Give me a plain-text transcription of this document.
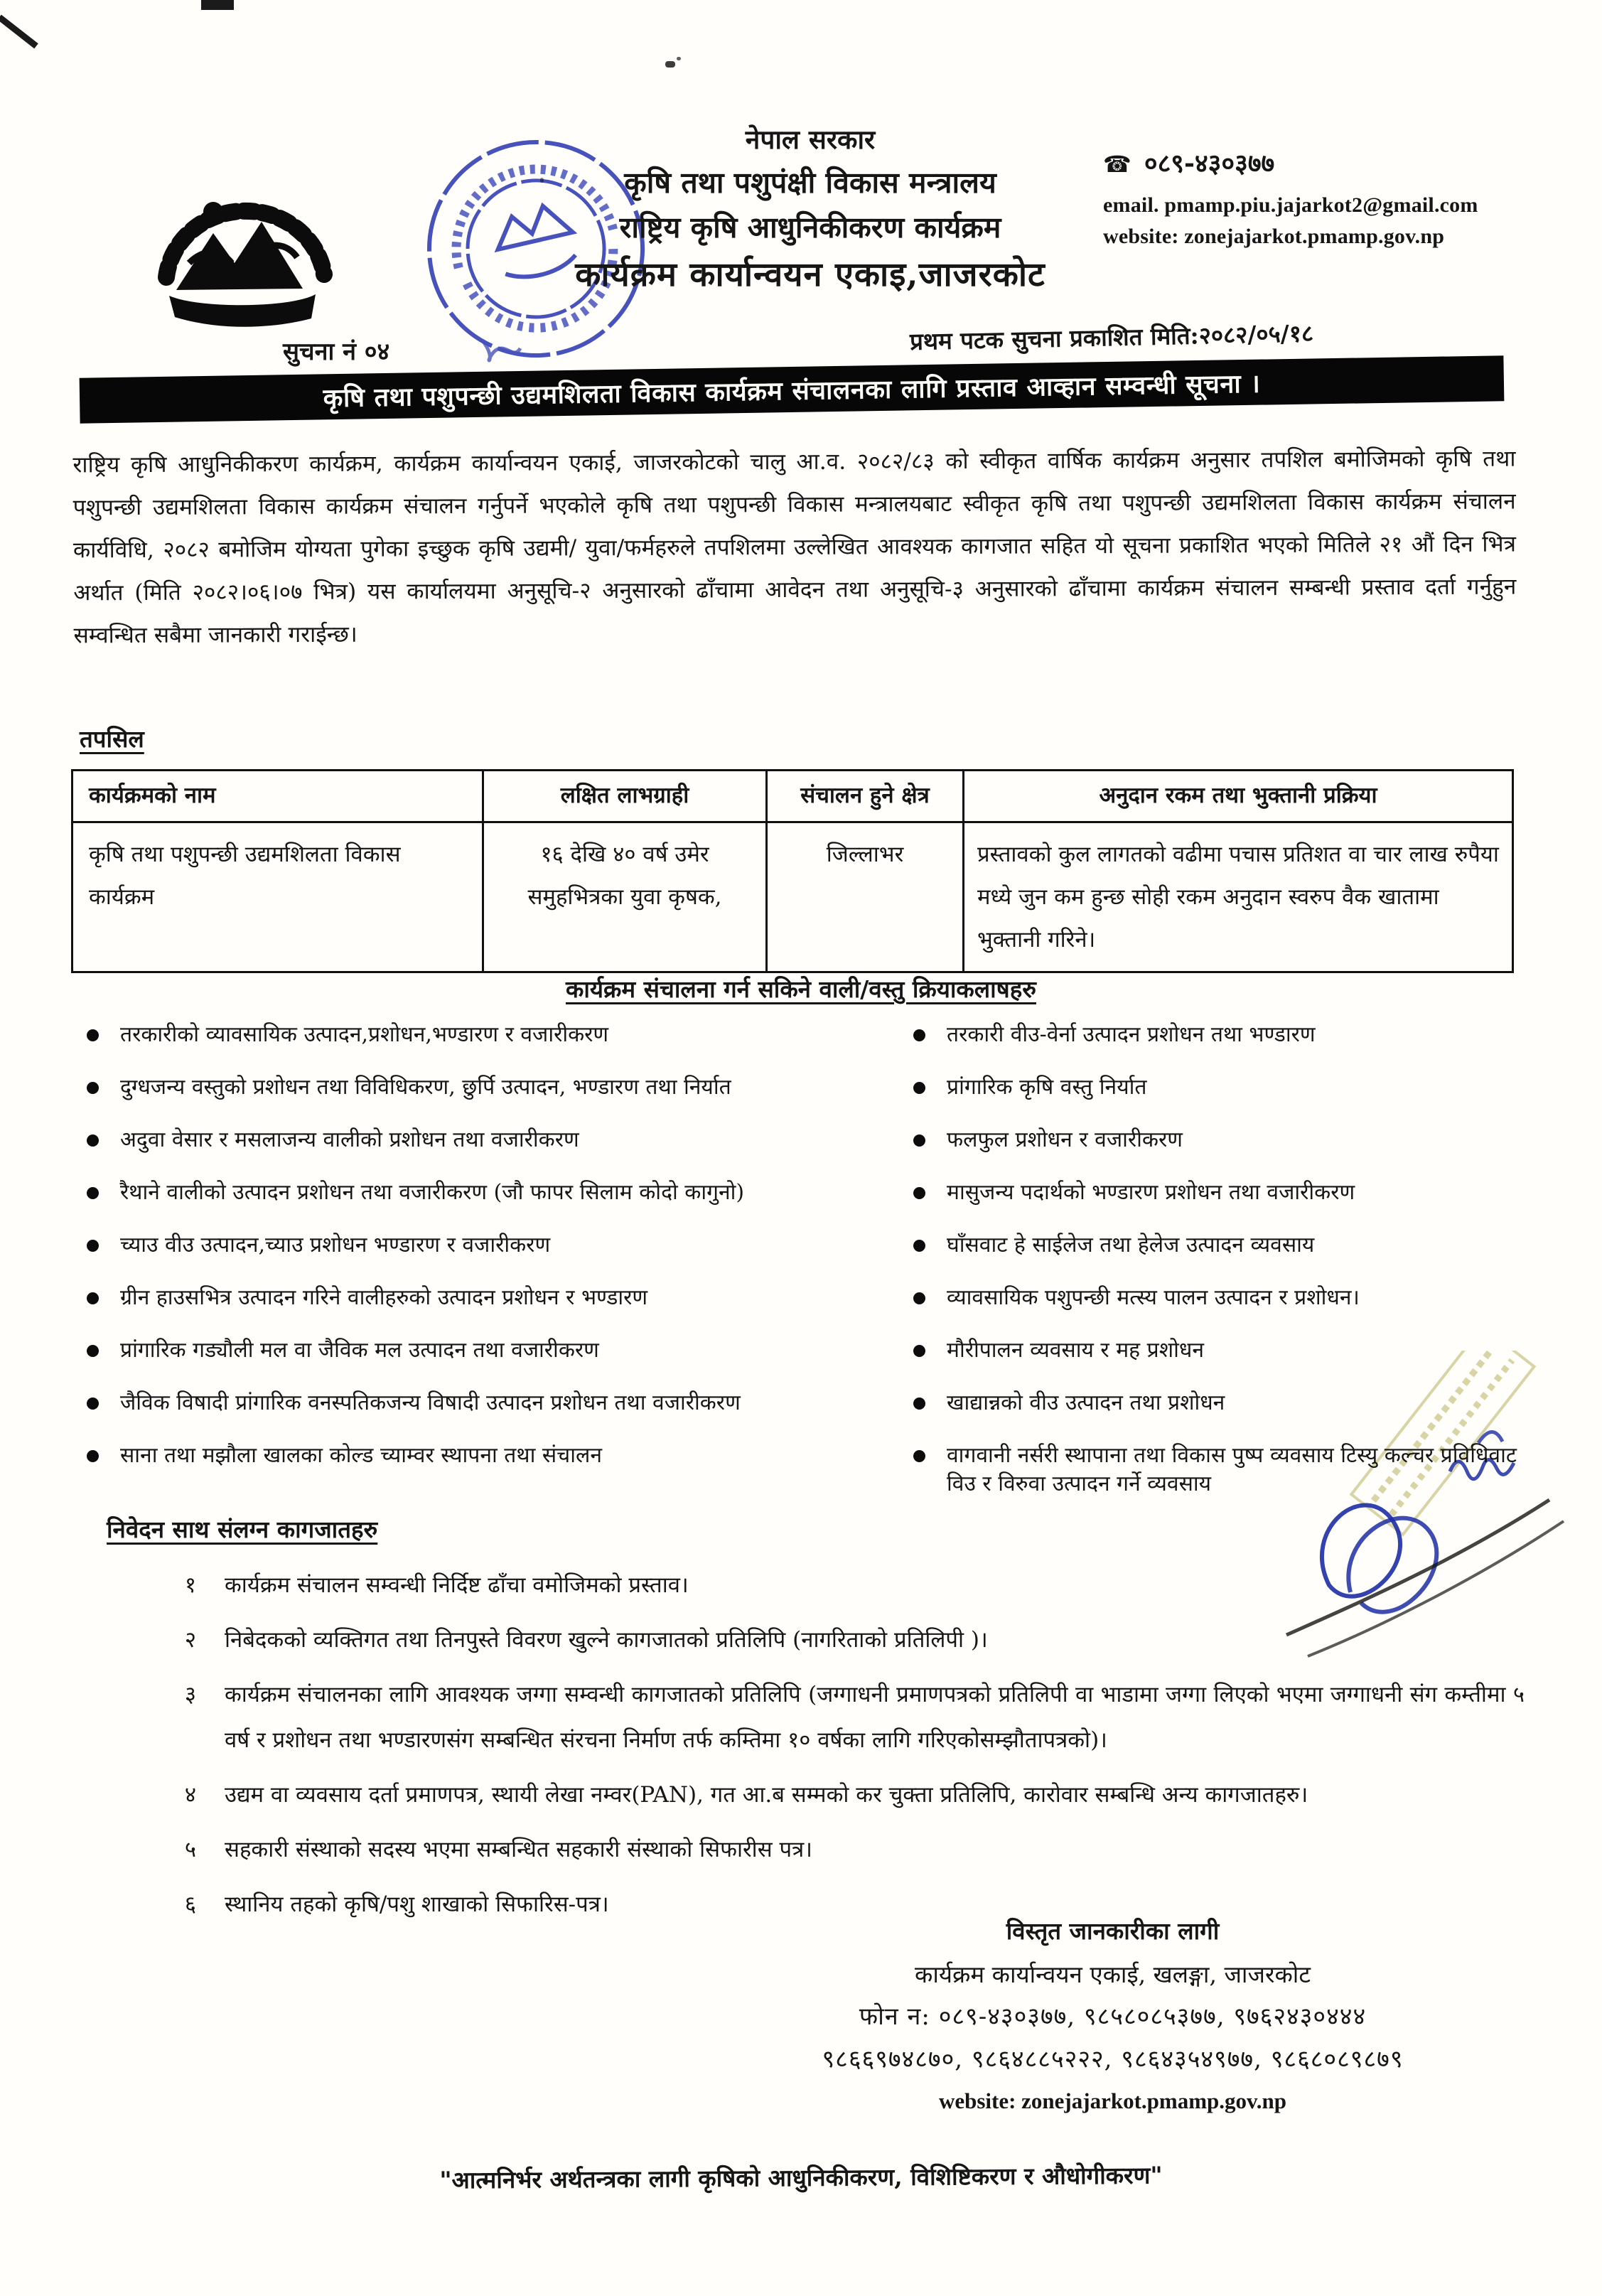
नेपाल सरकार
कृषि तथा पशुपंक्षी विकास मन्त्रालय
राष्ट्रिय कृषि आधुनिकीकरण कार्यक्रम
कार्यक्रम कार्यान्वयन एकाइ,जाजरकोट
☎ ०८९-४३०३७७
email. pmamp.piu.jajarkot2@gmail.com
website: zonejajarkot.pmamp.gov.np
सुचना नं ०४	प्रथम पटक सुचना प्रकाशित मिति:२०८२/०५/१८
कृषि तथा पशुपन्छी उद्यमशिलता विकास कार्यक्रम संचालनका लागि प्रस्ताव आव्हान सम्वन्धी सूचना ।
राष्ट्रिय कृषि आधुनिकीकरण कार्यक्रम, कार्यक्रम कार्यान्वयन एकाई, जाजरकोटको चालु आ.व. २०८२/८३ को स्वीकृत वार्षिक कार्यक्रम अनुसार तपशिल बमोजिमको कृषि तथा पशुपन्छी उद्यमशिलता विकास कार्यक्रम संचालन गर्नुपर्ने भएकोले कृषि तथा पशुपन्छी विकास मन्त्रालयबाट स्वीकृत कृषि तथा पशुपन्छी उद्यमशिलता विकास कार्यक्रम संचालन कार्यविधि, २०८२ बमोजिम योग्यता पुगेका इच्छुक कृषि उद्यमी/ युवा/फर्महरुले तपशिलमा उल्लेखित आवश्यक कागजात सहित यो सूचना प्रकाशित भएको मितिले २१ औं दिन भित्र अर्थात (मिति २०८२।०६।०७ भित्र) यस कार्यालयमा अनुसूचि-२ अनुसारको ढाँचामा आवेदन तथा अनुसूचि-३ अनुसारको ढाँचामा कार्यक्रम संचालन सम्बन्धी प्रस्ताव दर्ता गर्नुहुन सम्वन्धित सबैमा जानकारी गराईन्छ।
तपसिल
कार्यक्रमको नाम	लक्षित लाभग्राही	संचालन हुने क्षेत्र	अनुदान रकम तथा भुक्तानी प्रक्रिया
कृषि तथा पशुपन्छी उद्यमशिलता विकास कार्यक्रम	१६ देखि ४० वर्ष उमेर समुहभित्रका युवा कृषक,	जिल्लाभर	प्रस्तावको कुल लागतको वढीमा पचास प्रतिशत वा चार लाख रुपैया मध्ये जुन कम हुन्छ सोही रकम अनुदान स्वरुप वैक खातामा भुक्तानी गरिने।
कार्यक्रम संचालना गर्न सकिने वाली/वस्तु क्रियाकलाषहरु
तरकारीको व्यावसायिक उत्पादन,प्रशोधन,भण्डारण र वजारीकरण
दुग्धजन्य वस्तुको प्रशोधन तथा विविधिकरण, छुर्पि उत्पादन, भण्डारण तथा निर्यात
अदुवा वेसार र मसलाजन्य वालीको प्रशोधन तथा वजारीकरण
रैथाने वालीको उत्पादन प्रशोधन तथा वजारीकरण (जौ फापर सिलाम कोदो कागुनो)
च्याउ वीउ उत्पादन,च्याउ प्रशोधन भण्डारण र वजारीकरण
ग्रीन हाउसभित्र उत्पादन गरिने वालीहरुको उत्पादन प्रशोधन र भण्डारण
प्रांगारिक गड्यौली मल वा जैविक मल उत्पादन तथा वजारीकरण
जैविक विषादी प्रांगारिक वनस्पतिकजन्य विषादी उत्पादन प्रशोधन तथा वजारीकरण
साना तथा मझौला खालका कोल्ड च्याम्वर स्थापना तथा संचालन
तरकारी वीउ-वेर्ना उत्पादन प्रशोधन तथा भण्डारण
प्रांगारिक कृषि वस्तु निर्यात
फलफुल प्रशोधन र वजारीकरण
मासुजन्य पदार्थको भण्डारण प्रशोधन तथा वजारीकरण
घाँसवाट हे साईलेज तथा हेलेज उत्पादन व्यवसाय
व्यावसायिक पशुपन्छी मत्स्य पालन उत्पादन र प्रशोधन।
मौरीपालन व्यवसाय र मह प्रशोधन
खाद्यान्नको वीउ उत्पादन तथा प्रशोधन
वागवानी नर्सरी स्थापाना तथा विकास पुष्प व्यवसाय टिस्यु कल्चर प्रविधिवाट विउ र विरुवा उत्पादन गर्ने व्यवसाय
निवेदन साथ संलग्न कागजातहरु
१ कार्यक्रम संचालन सम्वन्धी निर्दिष्ट ढाँचा वमोजिमको प्रस्ताव।
२ निबेदकको व्यक्तिगत तथा तिनपुस्ते विवरण खुल्ने कागजातको प्रतिलिपि (नागरिताको प्रतिलिपी )।
३ कार्यक्रम संचालनका लागि आवश्यक जग्गा सम्वन्धी कागजातको प्रतिलिपि (जग्गाधनी प्रमाणपत्रको प्रतिलिपी वा भाडामा जग्गा लिएको भएमा जग्गाधनी संग कम्तीमा ५ वर्ष र प्रशोधन तथा भण्डारणसंग सम्बन्धित संरचना निर्माण तर्फ कम्तिमा १० वर्षका लागि गरिएकोसम्झौतापत्रको)।
४ उद्यम वा व्यवसाय दर्ता प्रमाणपत्र, स्थायी लेखा नम्वर(PAN), गत आ.ब सम्मको कर चुक्ता प्रतिलिपि, कारोवार सम्बन्धि अन्य कागजातहरु।
५ सहकारी संस्थाको सदस्य भएमा सम्बन्धित सहकारी संस्थाको सिफारीस पत्र।
६ स्थानिय तहको कृषि/पशु शाखाको सिफारिस-पत्र।
विस्तृत जानकारीका लागी
कार्यक्रम कार्यान्वयन एकाई, खलङ्गा, जाजरकोट
फोन न: ०८९-४३०३७७, ९८५८०८५३७७, ९७६२४३०४४४
९८६६९७४८७०, ९८६४८८५२२२, ९८६४३५४९७७, ९८६८०८९८७९
website: zonejajarkot.pmamp.gov.np
"आत्मनिर्भर अर्थतन्त्रका लागी कृषिको आधुनिकीकरण, विशिष्टिकरण र औधोगीकरण"
